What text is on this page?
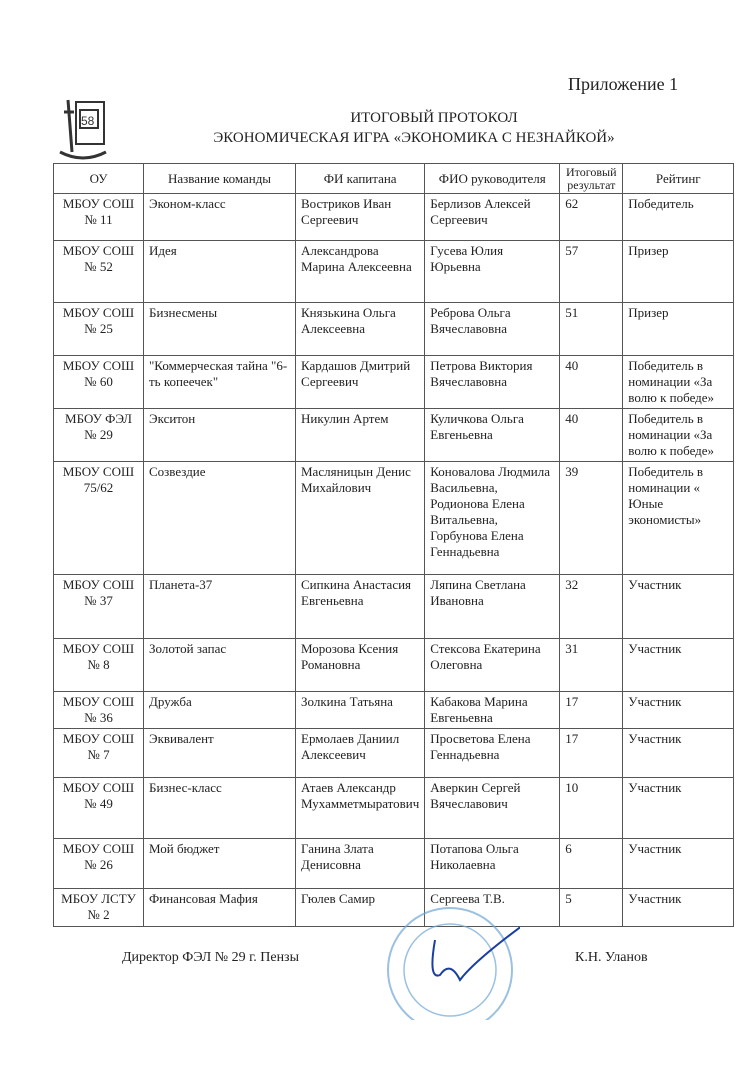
Приложение 1
58	ИТОГОВЫЙ ПРОТОКОЛ
ЭКОНОМИЧЕСКАЯ ИГРА «ЭКОНОМИКА С НЕЗНАЙКОЙ»
ОУ	Название команды	ФИ капитана	ФИО руководителя	Итоговый результат	Рейтинг
МБОУ СОШ № 11	Эконом-класс	Востриков Иван Сергеевич	Берлизов Алексей Сергеевич	62	Победитель
МБОУ СОШ № 52	Идея	Александрова Марина Алексеевна	Гусева Юлия Юрьевна	57	Призер
МБОУ СОШ № 25	Бизнесмены	Князькина Ольга Алексеевна	Реброва Ольга Вячеславовна	51	Призер
МБОУ СОШ № 60	"Коммерческая тайна "6-ть копеечек"	Кардашов Дмитрий Сергеевич	Петрова Виктория Вячеславовна	40	Победитель в номинации «За волю к победе»
МБОУ ФЭЛ № 29	Экситон	Никулин Артем	Куличкова Ольга Евгеньевна	40	Победитель в номинации «За волю к победе»
МБОУ СОШ 75/62	Созвездие	Масляницын Денис Михайлович	Коновалова Людмила Васильевна, Родионова Елена Витальевна, Горбунова Елена Геннадьевна	39	Победитель в номинации « Юные экономисты»
МБОУ СОШ № 37	Планета-37	Сипкина Анастасия Евгеньевна	Ляпина Светлана Ивановна	32	Участник
МБОУ СОШ № 8	Золотой запас	Морозова Ксения Романовна	Стексова Екатерина Олеговна	31	Участник
МБОУ СОШ № 36	Дружба	Золкина Татьяна	Кабакова Марина Евгеньевна	17	Участник
МБОУ СОШ № 7	Эквивалент	Ермолаев Даниил Алексеевич	Просветова Елена Геннадьевна	17	Участник
МБОУ СОШ № 49	Бизнес-класс	Атаев Александр Мухамметмыратович	Аверкин Сергей Вячеславович	10	Участник
МБОУ СОШ № 26	Мой бюджет	Ганина Злата Денисовна	Потапова Ольга Николаевна	6	Участник
МБОУ ЛСТУ № 2	Финансовая Мафия	Гюлев Самир	Сергеева Т.В.	5	Участник
Директор ФЭЛ № 29 г. Пензы	К.Н. Уланов
